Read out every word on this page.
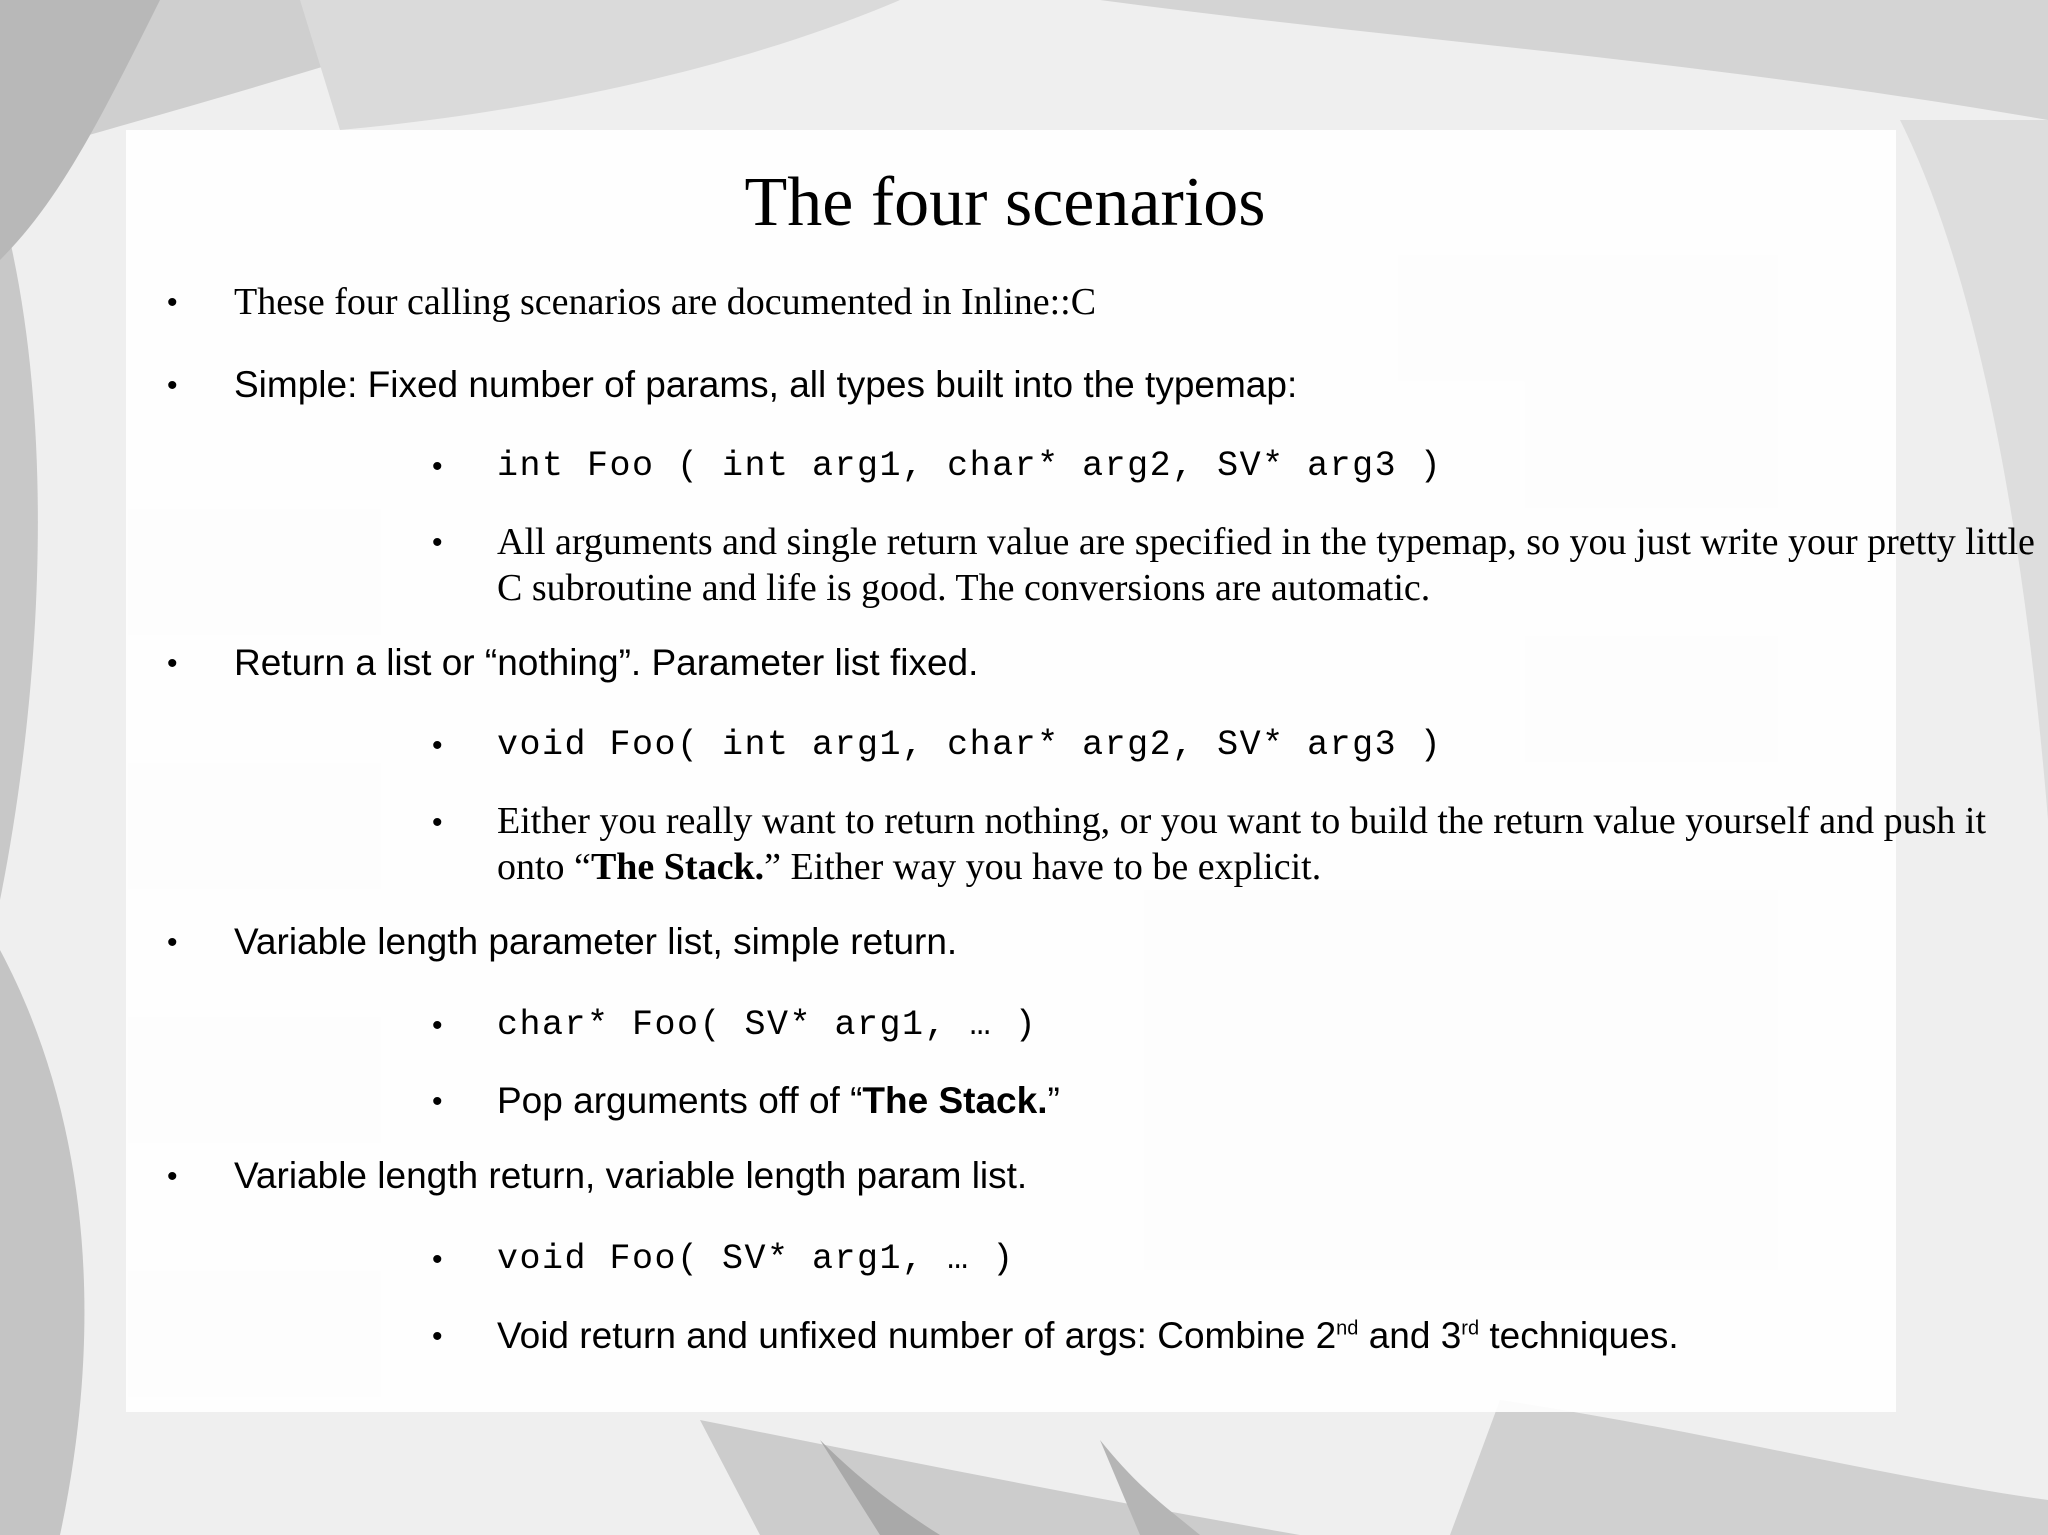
The four scenarios
• These four calling scenarios are documented in Inline::C
• Simple: Fixed number of params, all types built into the typemap:
• int Foo ( int arg1, char* arg2, SV* arg3 )
• All arguments and single return value are specified in the typemap, so you just write your pretty little C subroutine and life is good. The conversions are automatic.
• Return a list or “nothing”. Parameter list fixed.
• void Foo( int arg1, char* arg2, SV* arg3 )
• Either you really want to return nothing, or you want to build the return value yourself and push it onto “The Stack.” Either way you have to be explicit.
• Variable length parameter list, simple return.
• char* Foo( SV* arg1, … )
• Pop arguments off of “The Stack.”
• Variable length return, variable length param list.
• void Foo( SV* arg1, … )
• Void return and unfixed number of args: Combine 2nd and 3rd techniques.
